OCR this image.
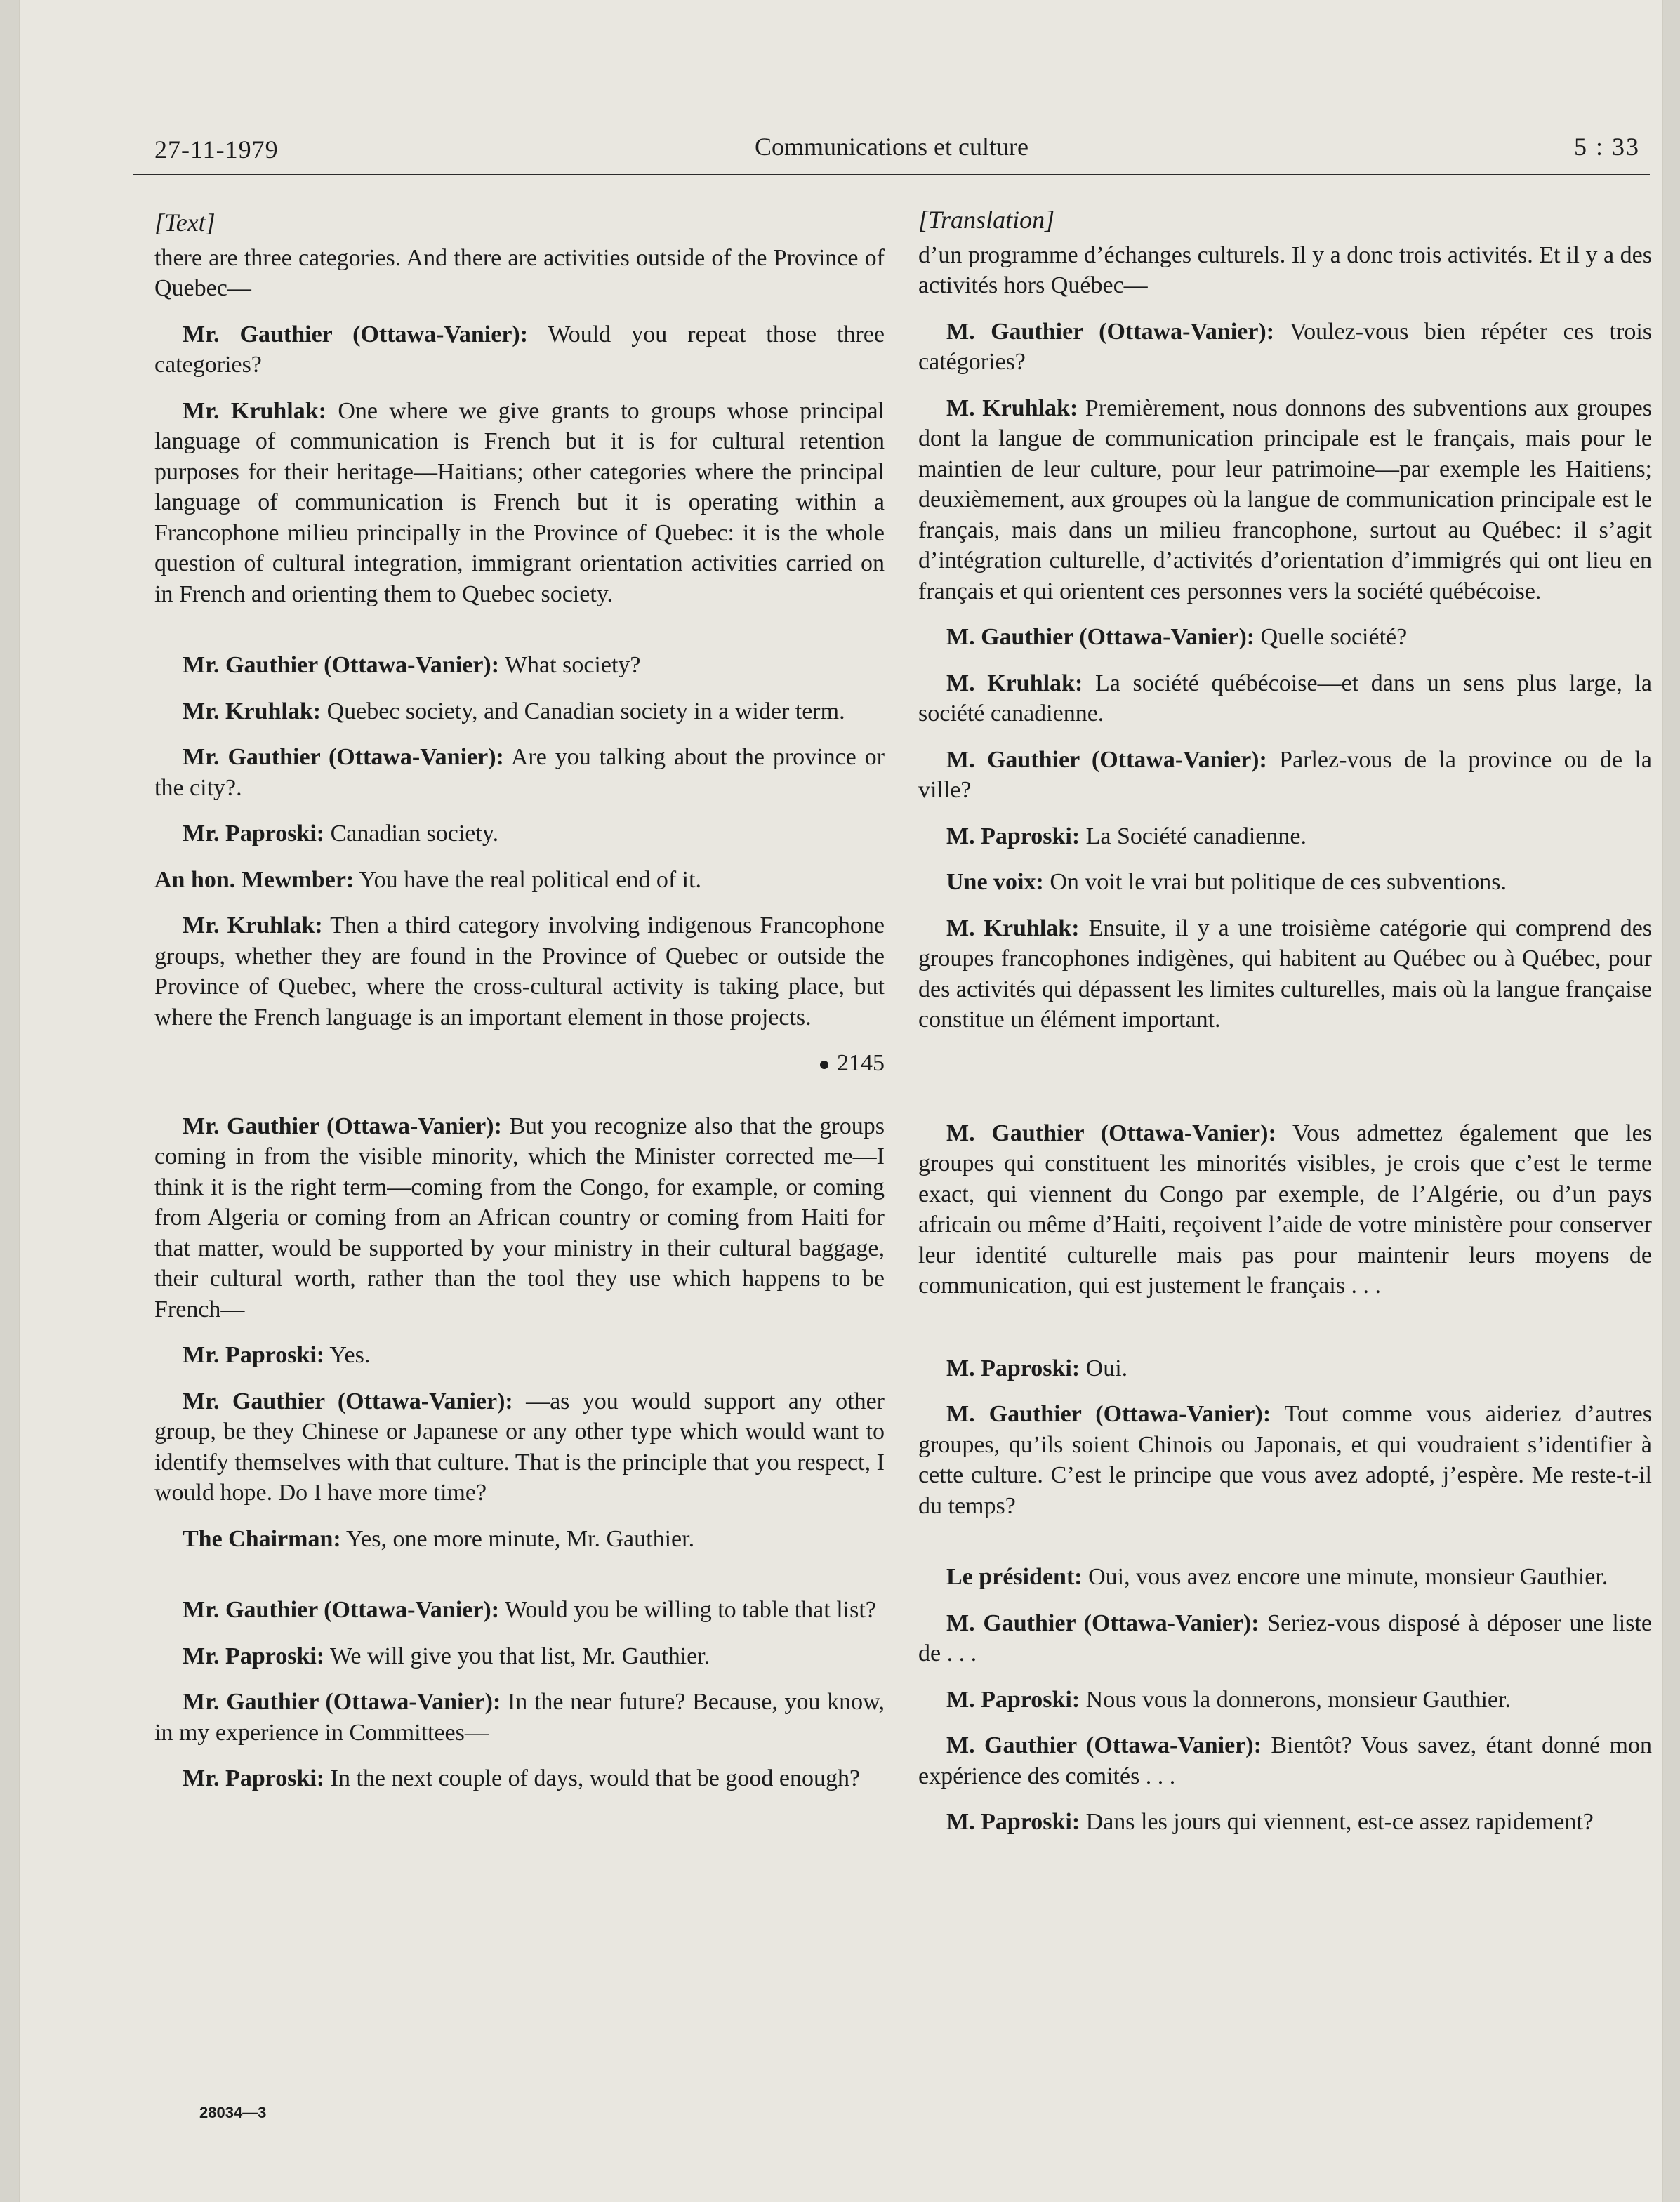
27-11-1979	Communications et culture	5 : 33

[Text]

there are three categories. And there are activities outside of the Province of Quebec—

Mr. Gauthier (Ottawa-Vanier): Would you repeat those three categories?

Mr. Kruhlak: One where we give grants to groups whose principal language of communication is French but it is for cultural retention purposes for their heritage—Haitians; other categories where the principal language of communication is French but it is operating within a Francophone milieu principally in the Province of Quebec: it is the whole question of cultural integration, immigrant orientation activities carried on in French and orienting them to Quebec society.

Mr. Gauthier (Ottawa-Vanier): What society?

Mr. Kruhlak: Quebec society, and Canadian society in a wider term.

Mr. Gauthier (Ottawa-Vanier): Are you talking about the province or the city?.

Mr. Paproski: Canadian society.

An hon. Mewmber: You have the real political end of it.

Mr. Kruhlak: Then a third category involving indigenous Francophone groups, whether they are found in the Province of Quebec or outside the Province of Quebec, where the cross-cultural activity is taking place, but where the French language is an important element in those projects.

2145

Mr. Gauthier (Ottawa-Vanier): But you recognize also that the groups coming in from the visible minority, which the Minister corrected me—I think it is the right term—coming from the Congo, for example, or coming from Algeria or coming from an African country or coming from Haiti for that matter, would be supported by your ministry in their cultural baggage, their cultural worth, rather than the tool they use which happens to be French—

Mr. Paproski: Yes.

Mr. Gauthier (Ottawa-Vanier): —as you would support any other group, be they Chinese or Japanese or any other type which would want to identify themselves with that culture. That is the principle that you respect, I would hope. Do I have more time?

The Chairman: Yes, one more minute, Mr. Gauthier.

Mr. Gauthier (Ottawa-Vanier): Would you be willing to table that list?

Mr. Paproski: We will give you that list, Mr. Gauthier.

Mr. Gauthier (Ottawa-Vanier): In the near future? Because, you know, in my experience in Committees—

Mr. Paproski: In the next couple of days, would that be good enough?

[Translation]

d’un programme d’échanges culturels. Il y a donc trois activités. Et il y a des activités hors Québec—

M. Gauthier (Ottawa-Vanier): Voulez-vous bien répéter ces trois catégories?

M. Kruhlak: Premièrement, nous donnons des subventions aux groupes dont la langue de communication principale est le français, mais pour le maintien de leur culture, pour leur patrimoine—par exemple les Haitiens; deuxièmement, aux groupes où la langue de communication principale est le français, mais dans un milieu francophone, surtout au Québec: il s’agit d’intégration culturelle, d’activités d’orientation d’immigrés qui ont lieu en français et qui orientent ces personnes vers la société québécoise.

M. Gauthier (Ottawa-Vanier): Quelle société?

M. Kruhlak: La société québécoise—et dans un sens plus large, la société canadienne.

M. Gauthier (Ottawa-Vanier): Parlez-vous de la province ou de la ville?

M. Paproski: La Société canadienne.

Une voix: On voit le vrai but politique de ces subventions.

M. Kruhlak: Ensuite, il y a une troisième catégorie qui comprend des groupes francophones indigènes, qui habitent au Québec ou à Québec, pour des activités qui dépassent les limites culturelles, mais où la langue française constitue un élément important.

M. Gauthier (Ottawa-Vanier): Vous admettez également que les groupes qui constituent les minorités visibles, je crois que c’est le terme exact, qui viennent du Congo par exemple, de l’Algérie, ou d’un pays africain ou même d’Haiti, reçoivent l’aide de votre ministère pour conserver leur identité culturelle mais pas pour maintenir leurs moyens de communication, qui est justement le français . . .

M. Paproski: Oui.

M. Gauthier (Ottawa-Vanier): Tout comme vous aideriez d’autres groupes, qu’ils soient Chinois ou Japonais, et qui voudraient s’identifier à cette culture. C’est le principe que vous avez adopté, j’espère. Me reste-t-il du temps?

Le président: Oui, vous avez encore une minute, monsieur Gauthier.

M. Gauthier (Ottawa-Vanier): Seriez-vous disposé à déposer une liste de . . .

M. Paproski: Nous vous la donnerons, monsieur Gauthier.

M. Gauthier (Ottawa-Vanier): Bientôt? Vous savez, étant donné mon expérience des comités . . .

M. Paproski: Dans les jours qui viennent, est-ce assez rapidement?

28034—3
